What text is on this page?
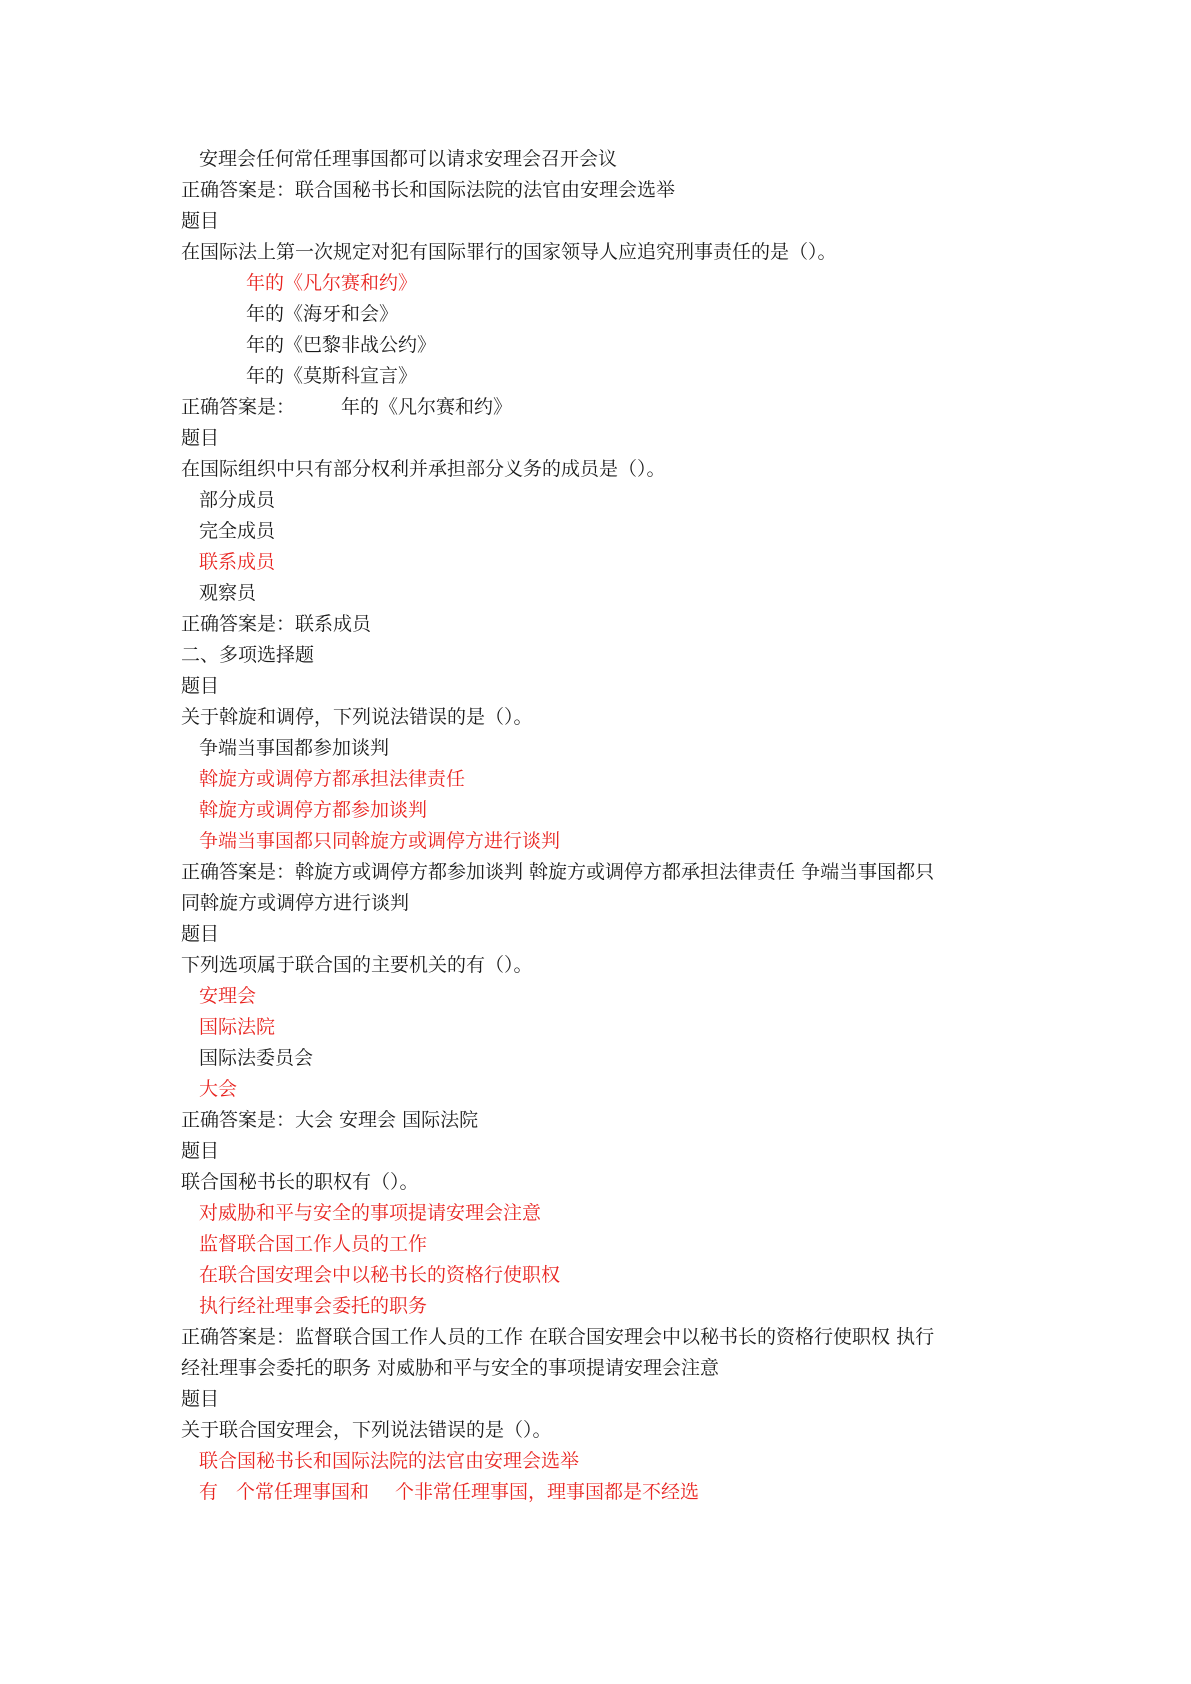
安理会任何常任理事国都可以请求安理会召开会议

正确答案是：联合国秘书长和国际法院的法官由安理会选举

题目

在国际法上第一次规定对犯有国际罪行的国家领导人应追究刑事责任的是（）。

年的《凡尔赛和约》

年的《海牙和会》

年的《巴黎非战公约》

年的《莫斯科宣言》

正确答案是： 年的《凡尔赛和约》

题目

在国际组织中只有部分权利并承担部分义务的成员是（）。

部分成员

完全成员

联系成员

观察员

正确答案是：联系成员

二、多项选择题

题目

关于斡旋和调停，下列说法错误的是（）。

争端当事国都参加谈判

斡旋方或调停方都承担法律责任

斡旋方或调停方都参加谈判

争端当事国都只同斡旋方或调停方进行谈判

正确答案是：斡旋方或调停方都参加谈判 斡旋方或调停方都承担法律责任 争端当事国都只

同斡旋方或调停方进行谈判

题目

下列选项属于联合国的主要机关的有（）。

安理会

国际法院

国际法委员会

大会

正确答案是：大会 安理会 国际法院

题目

联合国秘书长的职权有（）。

对威胁和平与安全的事项提请安理会注意

监督联合国工作人员的工作

在联合国安理会中以秘书长的资格行使职权

执行经社理事会委托的职务

正确答案是：监督联合国工作人员的工作 在联合国安理会中以秘书长的资格行使职权 执行

经社理事会委托的职务 对威胁和平与安全的事项提请安理会注意

题目

关于联合国安理会，下列说法错误的是（）。

联合国秘书长和国际法院的法官由安理会选举

有 个常任理事国和 个非常任理事国，理事国都是不经选
